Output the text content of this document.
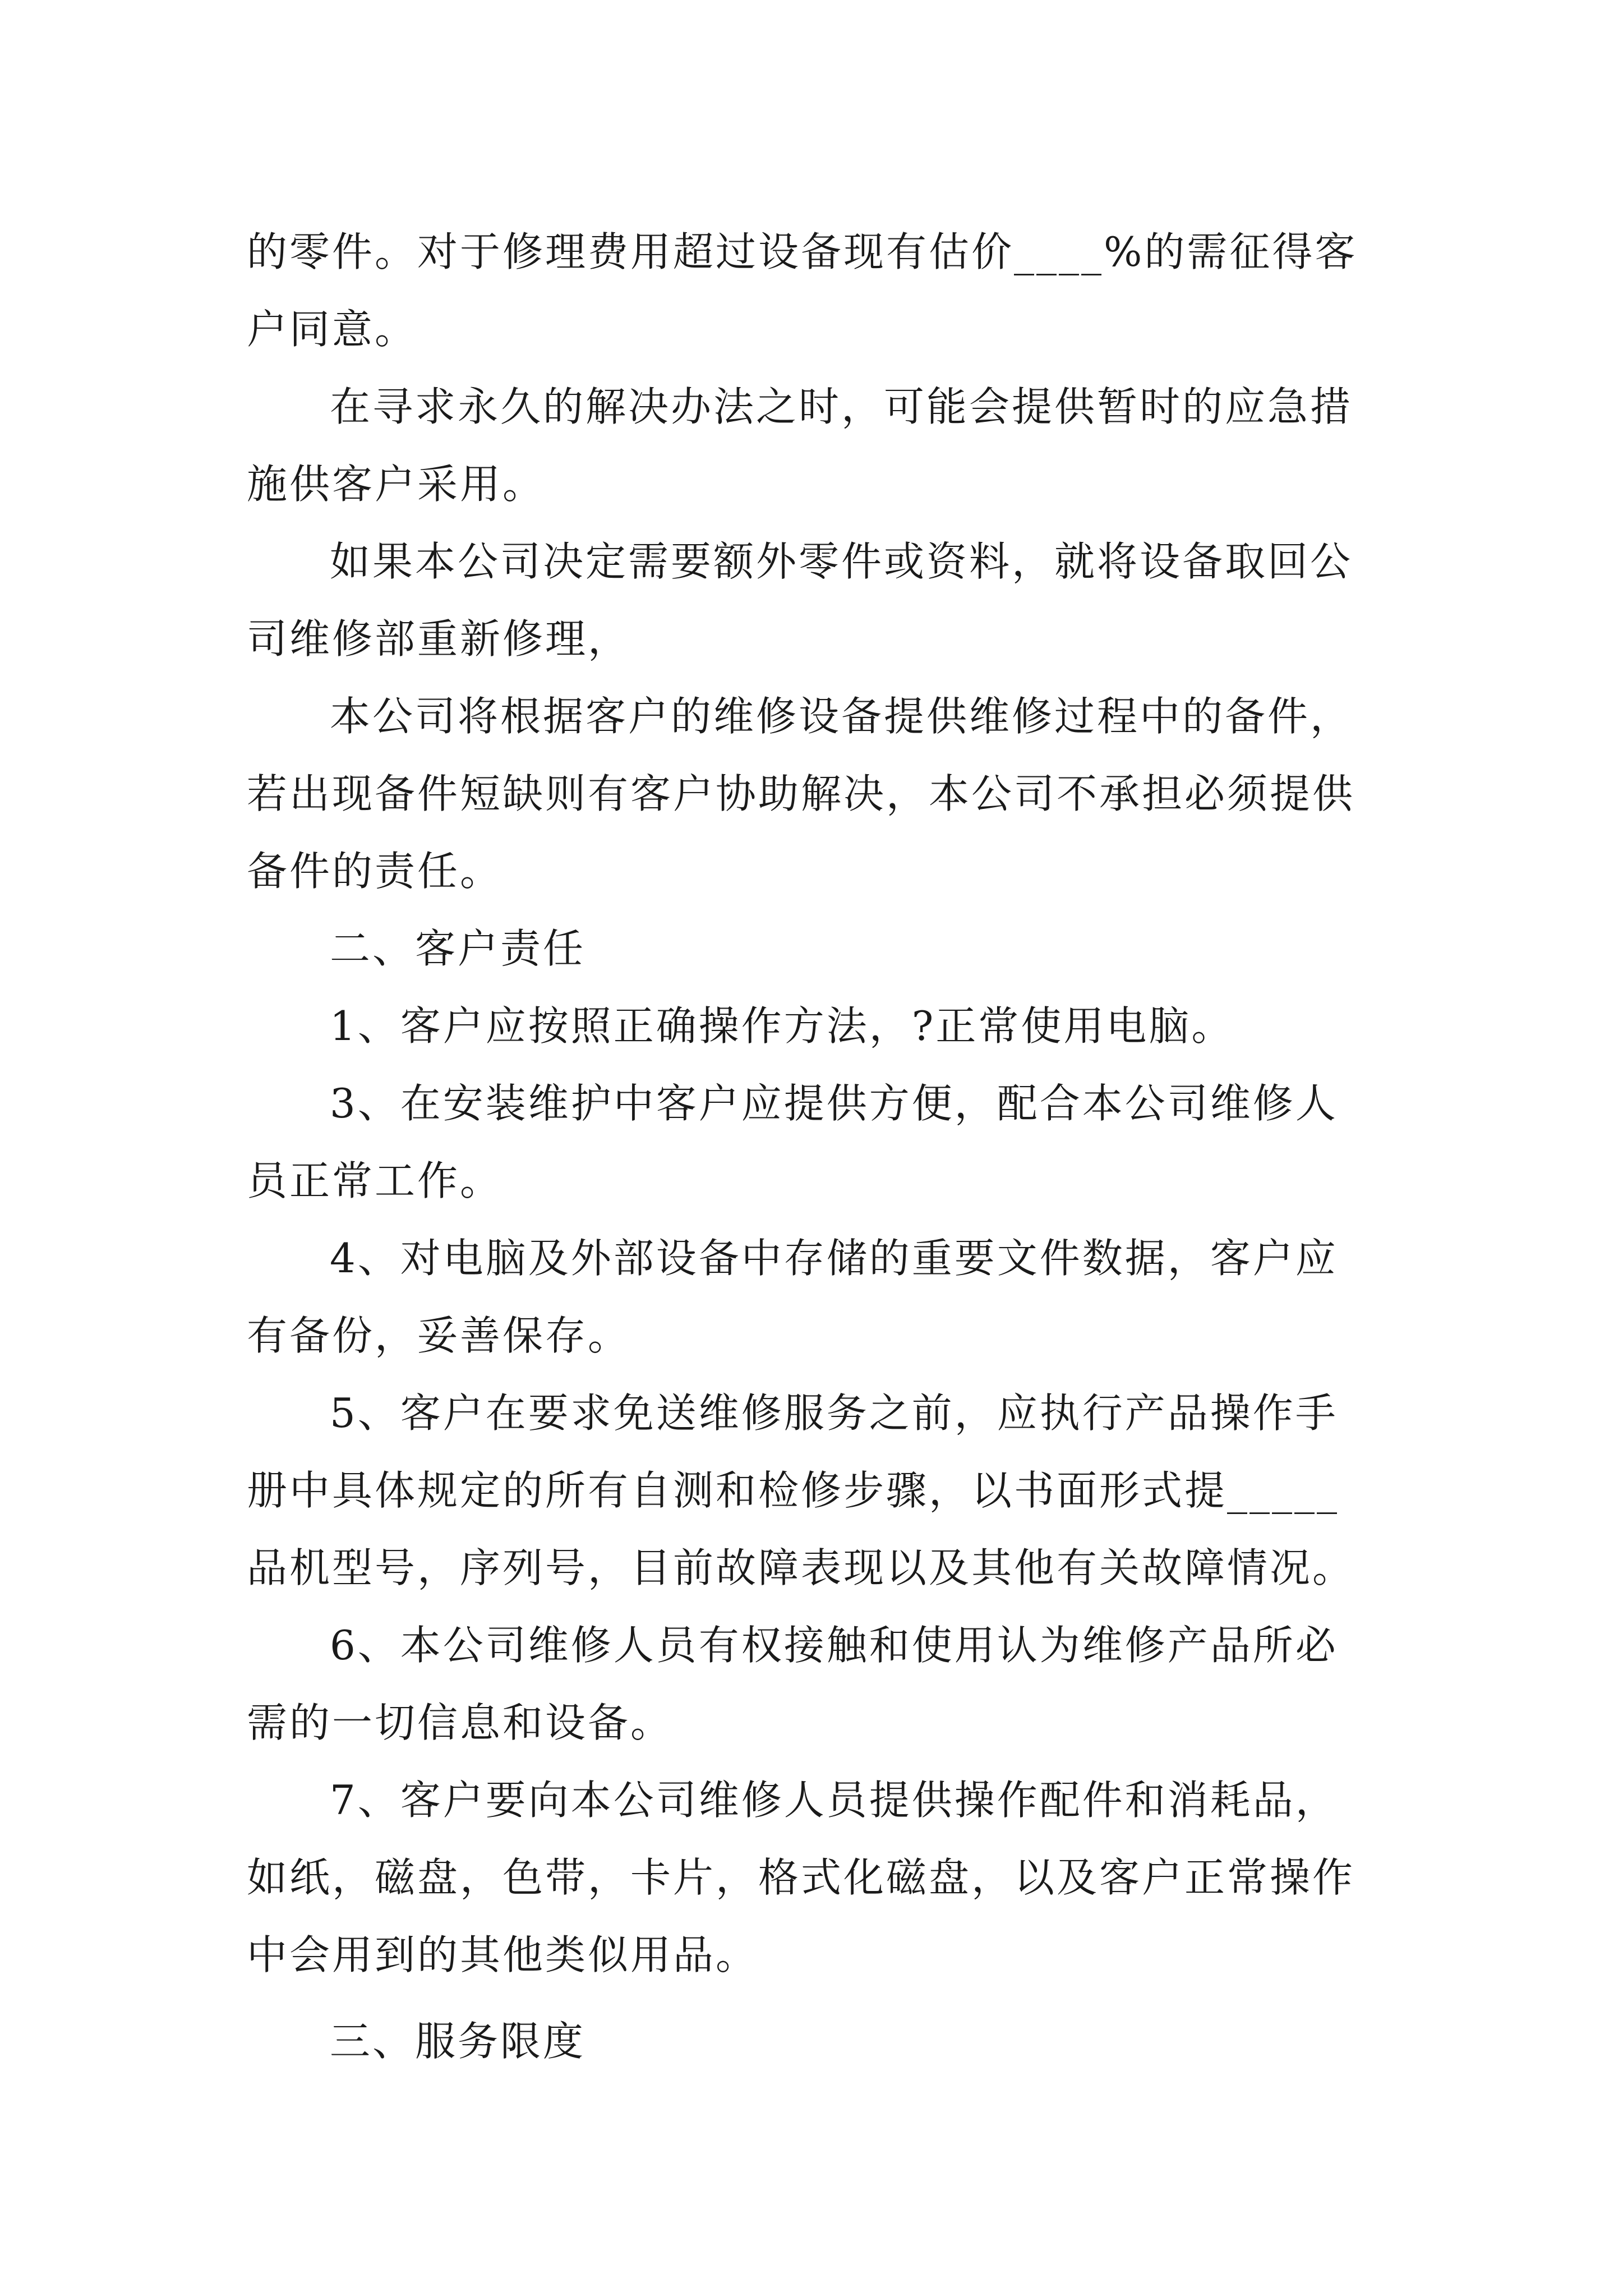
的零件。对于修理费用超过设备现有估价____%的需征得客
户同意。
在寻求永久的解决办法之时，可能会提供暂时的应急措
施供客户采用。
如果本公司决定需要额外零件或资料，就将设备取回公
司维修部重新修理，
本公司将根据客户的维修设备提供维修过程中的备件，
若出现备件短缺则有客户协助解决，本公司不承担必须提供
备件的责任。
二、客户责任
1、客户应按照正确操作方法，?正常使用电脑。
3、在安装维护中客户应提供方便，配合本公司维修人
员正常工作。
4、对电脑及外部设备中存储的重要文件数据，客户应
有备份，妥善保存。
5、客户在要求免送维修服务之前，应执行产品操作手
册中具体规定的所有自测和检修步骤，以书面形式提_____
品机型号，序列号，目前故障表现以及其他有关故障情况。
6、本公司维修人员有权接触和使用认为维修产品所必
需的一切信息和设备。
7、客户要向本公司维修人员提供操作配件和消耗品，
如纸，磁盘，色带，卡片，格式化磁盘，以及客户正常操作
中会用到的其他类似用品。
三、服务限度
